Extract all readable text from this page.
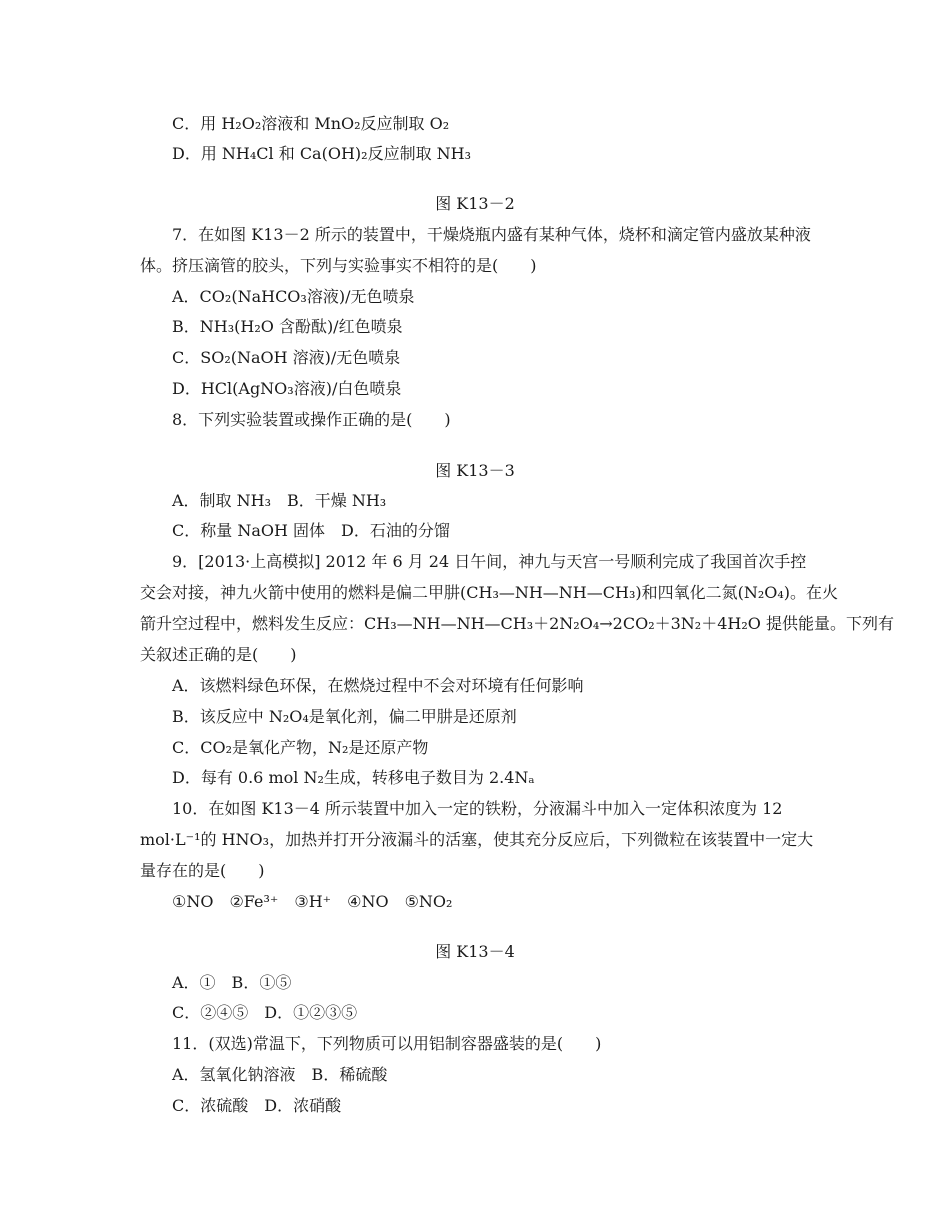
C．用 H₂O₂溶液和 MnO₂反应制取 O₂
D．用 NH₄Cl 和 Ca(OH)₂反应制取 NH₃
图 K13－2
7．在如图 K13－2 所示的装置中，干燥烧瓶内盛有某种气体，烧杯和滴定管内盛放某种液
体。挤压滴管的胶头，下列与实验事实不相符的是(　　)
A．CO₂(NaHCO₃溶液)/无色喷泉
B．NH₃(H₂O 含酚酞)/红色喷泉
C．SO₂(NaOH 溶液)/无色喷泉
D．HCl(AgNO₃溶液)/白色喷泉
8．下列实验装置或操作正确的是(　　)
图 K13－3
A．制取 NH₃　B．干燥 NH₃
C．称量 NaOH 固体　D．石油的分馏
9．[2013·上高模拟] 2012 年 6 月 24 日午间，神九与天宫一号顺利完成了我国首次手控
交会对接，神九火箭中使用的燃料是偏二甲肼(CH₃—NH—NH—CH₃)和四氧化二氮(N₂O₄)。在火
箭升空过程中，燃料发生反应：CH₃—NH—NH—CH₃＋2N₂O₄→2CO₂＋3N₂＋4H₂O 提供能量。下列有
关叙述正确的是(　　)
A．该燃料绿色环保，在燃烧过程中不会对环境有任何影响
B．该反应中 N₂O₄是氧化剂，偏二甲肼是还原剂
C．CO₂是氧化产物，N₂是还原产物
D．每有 0.6 mol N₂生成，转移电子数目为 2.4Nₐ
10．在如图 K13－4 所示装置中加入一定的铁粉，分液漏斗中加入一定体积浓度为 12
mol·L⁻¹的 HNO₃，加热并打开分液漏斗的活塞，使其充分反应后，下列微粒在该装置中一定大
量存在的是(　　)
①NO　②Fe³⁺　③H⁺　④NO　⑤NO₂
图 K13－4
A．①　B．①⑤
C．②④⑤　D．①②③⑤
11．(双选)常温下，下列物质可以用铝制容器盛装的是(　　)
A．氢氧化钠溶液　B．稀硫酸
C．浓硫酸　D．浓硝酸
